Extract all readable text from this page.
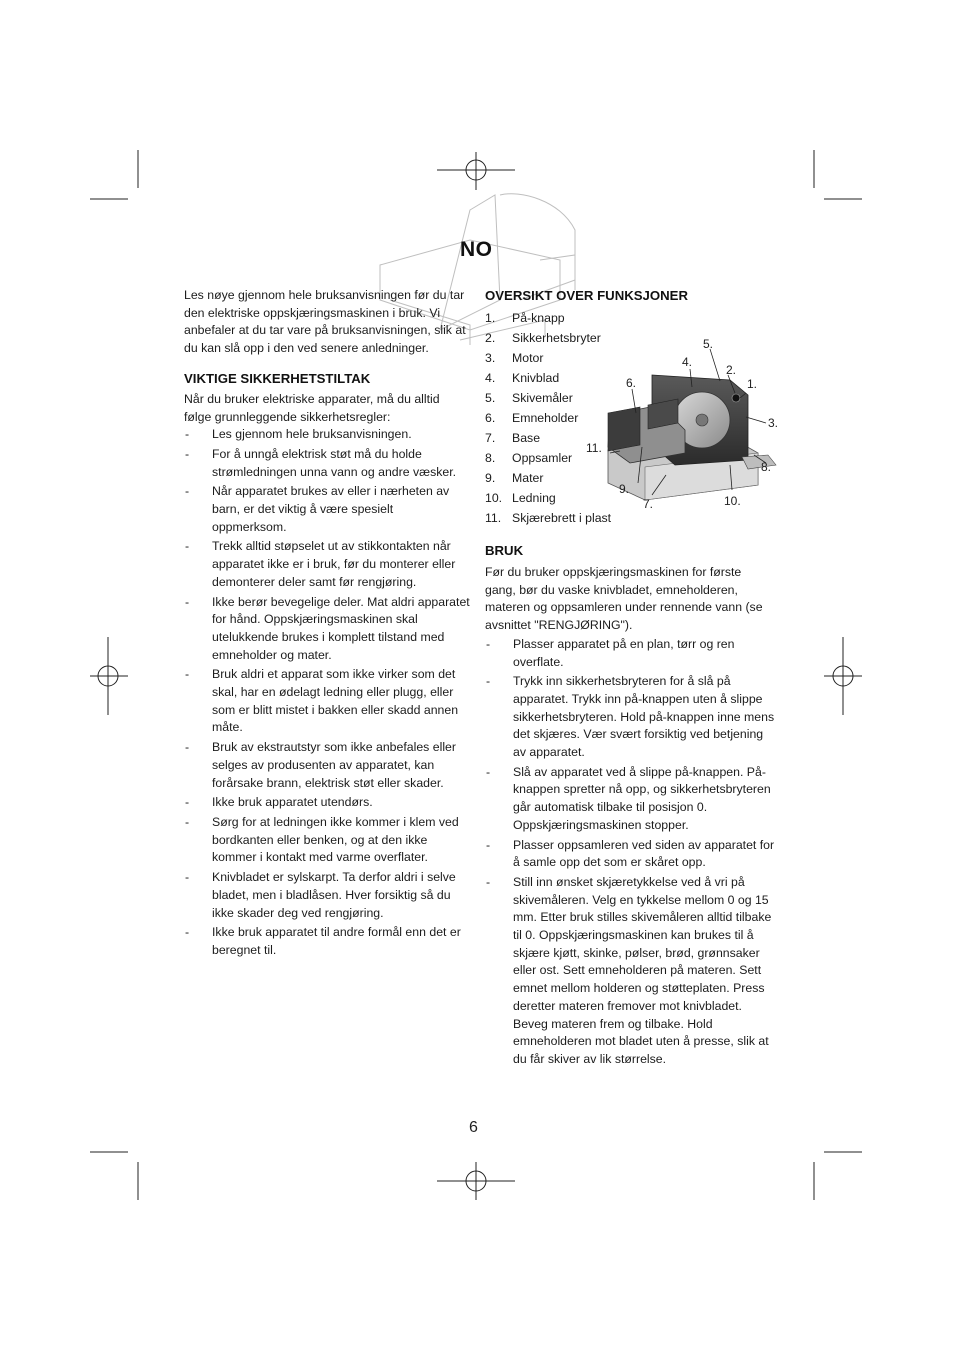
NO

Les nøye gjennom hele bruksanvisningen før du tar den elektriske oppskjæringsmaskinen i bruk. Vi anbefaler at du tar vare på bruksanvisningen, slik at du kan slå opp i den ved senere anledninger.

VIKTIGE SIKKERHETSTILTAK

Når du bruker elektriske apparater, må du alltid følge grunnleggende sikkerhetsregler:

- Les gjennom hele bruksanvisningen.
- For å unngå elektrisk støt må du holde strømledningen unna vann og andre væsker.
- Når apparatet brukes av eller i nærheten av barn, er det viktig å være spesielt oppmerksom.
- Trekk alltid støpselet ut av stikkontakten når apparatet ikke er i bruk, før du monterer eller demonterer deler samt før rengjøring.
- Ikke berør bevegelige deler. Mat aldri apparatet for hånd. Oppskjæringsmaskinen skal utelukkende brukes i komplett tilstand med emneholder og mater.
- Bruk aldri et apparat som ikke virker som det skal, har en ødelagt ledning eller plugg, eller som er blitt mistet i bakken eller skadd annen måte.
- Bruk av ekstrautstyr som ikke anbefales eller selges av produsenten av apparatet, kan forårsake brann, elektrisk støt eller skader.
- Ikke bruk apparatet utendørs.
- Sørg for at ledningen ikke kommer i klem ved bordkanten eller benken, og at den ikke kommer i kontakt med varme overflater.
- Knivbladet er sylskarpt. Ta derfor aldri i selve bladet, men i bladlåsen. Hver forsiktig så du ikke skader deg ved rengjøring.
- Ikke bruk apparatet til andre formål enn det er beregnet til.
OVERSIKT OVER FUNKSJONER
1. På-knapp
2. Sikkerhetsbryter
3. Motor
4. Knivblad
5. Skivemåler
6. Emneholder
7. Base
8. Oppsamler
9. Mater
10. Ledning
11. Skjærebrett i plast
BRUK

Før du bruker oppskjæringsmaskinen for første gang, bør du vaske knivbladet, emneholderen, materen og oppsamleren under rennende vann (se avsnittet "RENGJØRING").

- Plasser apparatet på en plan, tørr og ren overflate.
- Trykk inn sikkerhetsbryteren for å slå på apparatet. Trykk inn på-knappen uten å slippe sikkerhetsbryteren. Hold på-knappen inne mens det skjæres. Vær svært forsiktig ved betjening av apparatet.
- Slå av apparatet ved å slippe på-knappen. På-knappen spretter nå opp, og sikkerhetsbryteren går automatisk tilbake til posisjon 0. Oppskjæringsmaskinen stopper.
- Plasser oppsamleren ved siden av apparatet for å samle opp det som er skåret opp.
- Still inn ønsket skjæretykkelse ved å vri på skivemåleren. Velg en tykkelse mellom 0 og 15 mm. Etter bruk stilles skivemåleren alltid tilbake til 0. Oppskjæringsmaskinen kan brukes til å skjære kjøtt, skinke, pølser, brød, grønnsaker eller ost. Sett emneholderen på materen. Sett emnet mellom holderen og støtteplaten. Press deretter materen fremover mot knivbladet. Beveg materen frem og tilbake. Hold emneholderen mot bladet uten å presse, slik at du får skiver av lik størrelse.
1.
2.
3.
4.
5.
6.
7.
8.
9.
10.
11.
6
